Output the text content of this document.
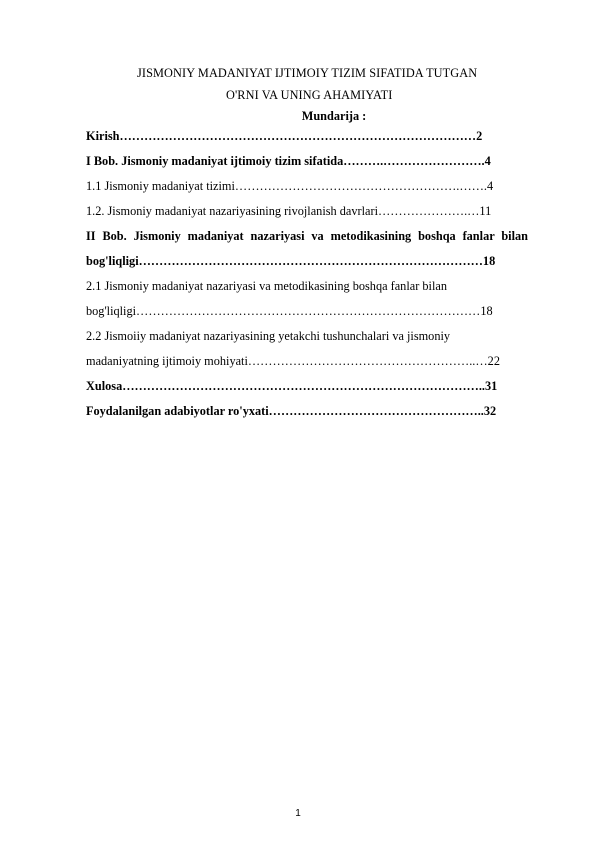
JISMONIY MADANIYAT IJTIMOIY TIZIM SIFATIDA TUTGAN
O'RNI VA UNING AHAMIYATI
Mundarija :
Kirish……………………………………………………………………………2
I Bob. Jismoniy madaniyat ijtimoiy tizim sifatida……….…………………….4
1.1 Jismoniy madaniyat tizimi……………………………………………….…….4
1.2. Jismoniy madaniyat nazariyasining rivojlanish davrlari………………….…11
II Bob. Jismoniy madaniyat nazariyasi va metodikasining boshqa fanlar bilan
bog'liqligi…………………………………………………………………………18
2.1 Jismoniy madaniyat nazariyasi va metodikasining boshqa fanlar bilan
bog'liqligi…………………………………………………………………………18
2.2 Jismoiiy madaniyat nazariyasining yetakchi tushunchalari va jismoniy
madaniyatning ijtimoiy mohiyati………………………………………………..…22
Xulosa……………………………………………………………………………..31
Foydalanilgan adabiyotlar ro'yxati……………………………………………..32
1
